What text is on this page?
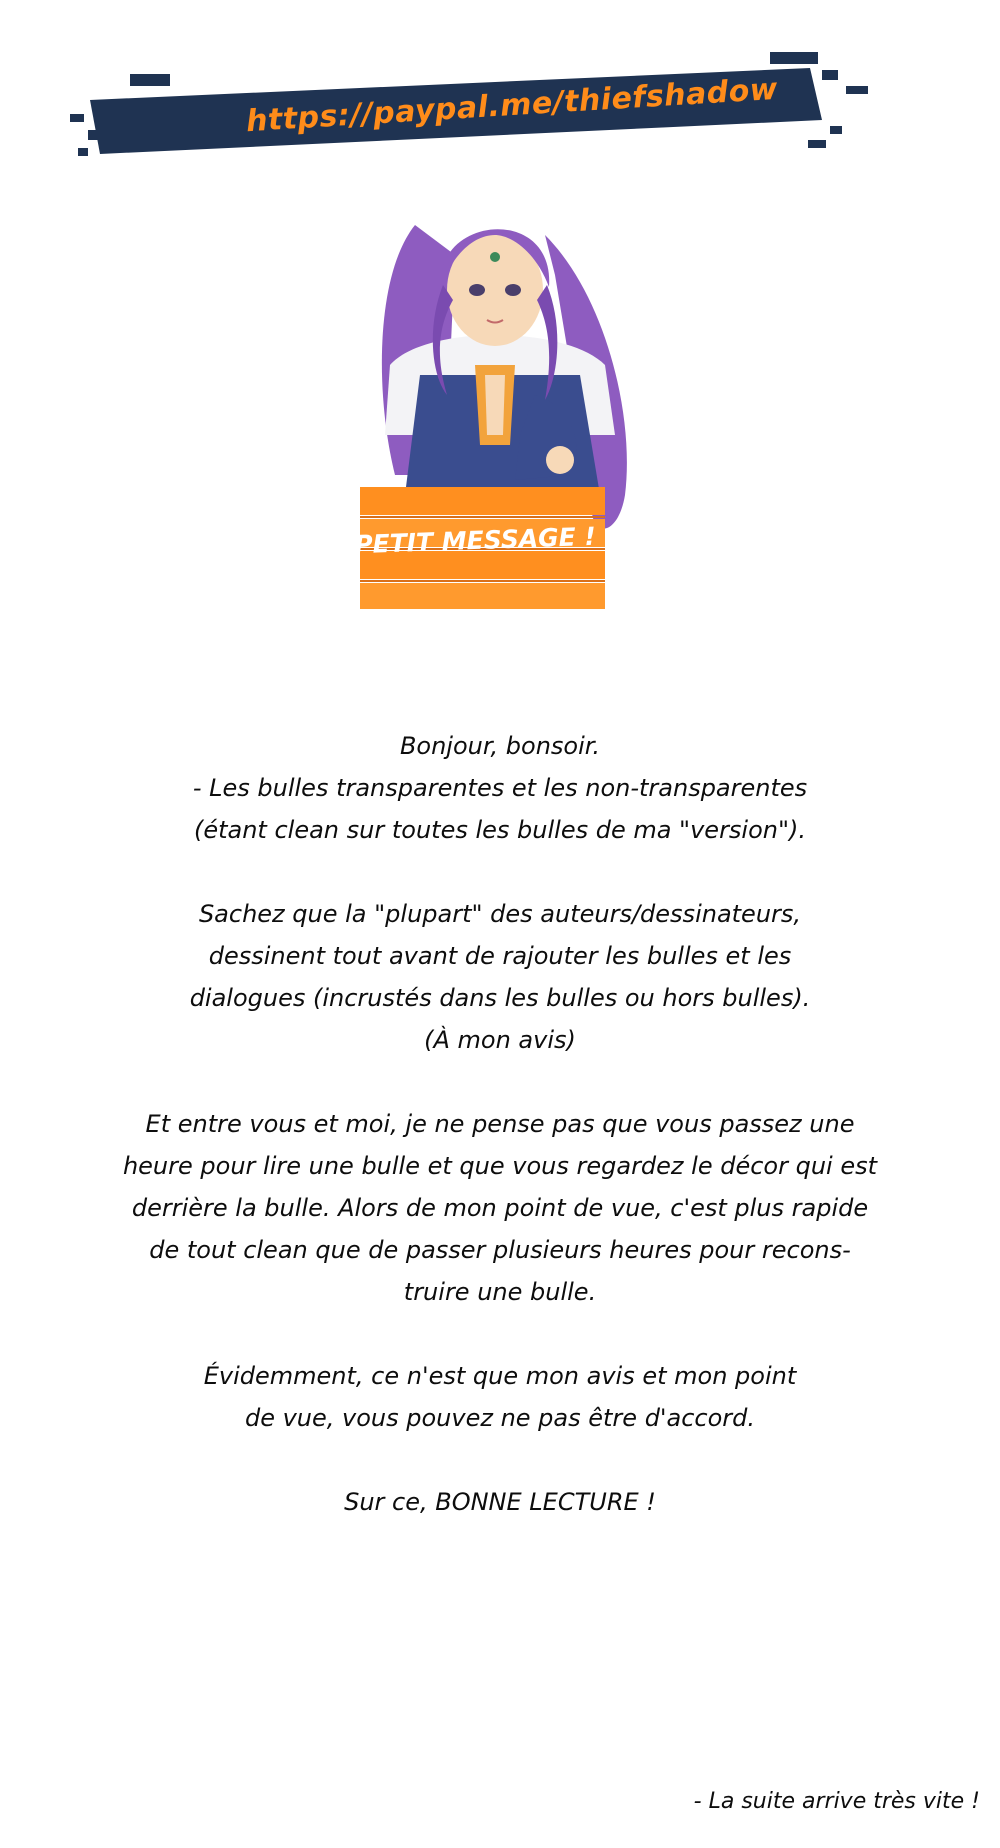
https://paypal.me/thiefshadow
PETIT MESSAGE !
Bonjour, bonsoir.
- Les bulles transparentes et les non-transparentes
(étant clean sur toutes les bulles de ma "version").
Sachez que la "plupart" des auteurs/dessinateurs,
dessinent tout avant de rajouter les bulles et les
dialogues (incrustés dans les bulles ou hors bulles).
(À mon avis)
Et entre vous et moi, je ne pense pas que vous passez une
heure pour lire une bulle et que vous regardez le décor qui est
derrière la bulle. Alors de mon point de vue, c'est plus rapide
de tout clean que de passer plusieurs heures pour recons-
truire une bulle.
Évidemment, ce n'est que mon avis et mon point
de vue, vous pouvez ne pas être d'accord.
Sur ce, BONNE LECTURE !
- La suite arrive très vite !
